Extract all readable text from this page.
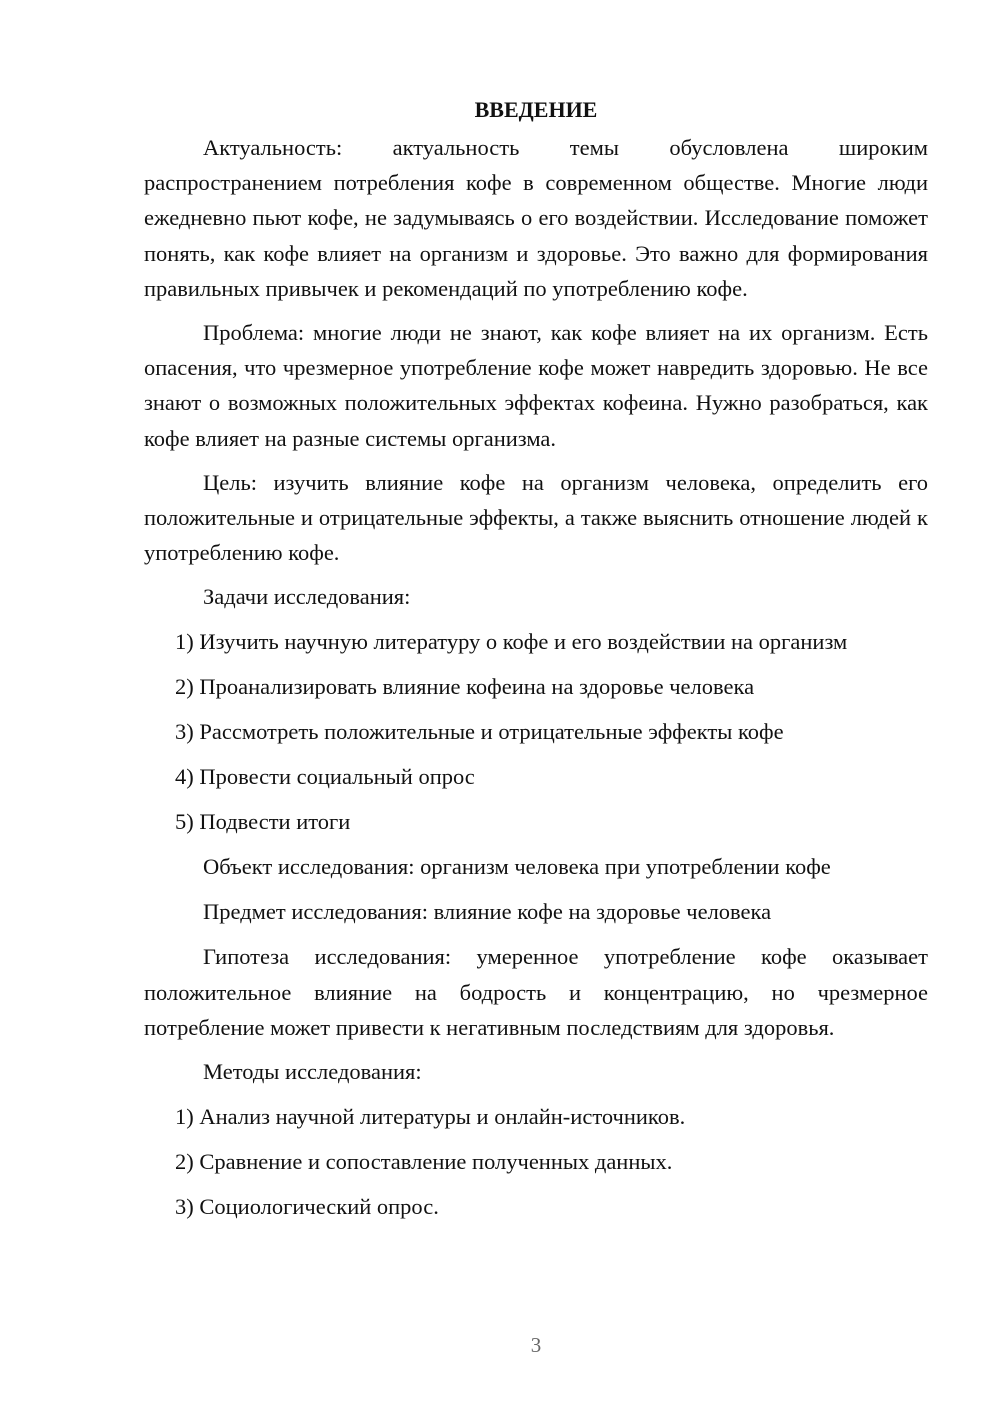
ВВЕДЕНИЕ

Актуальность: актуальность темы обусловлена широким распространением потребления кофе в современном обществе. Многие люди ежедневно пьют кофе, не задумываясь о его воздействии. Исследование поможет понять, как кофе влияет на организм и здоровье. Это важно для формирования правильных привычек и рекомендаций по употреблению кофе.

Проблема: многие люди не знают, как кофе влияет на их организм. Есть опасения, что чрезмерное употребление кофе может навредить здоровью. Не все знают о возможных положительных эффектах кофеина. Нужно разобраться, как кофе влияет на разные системы организма.

Цель: изучить влияние кофе на организм человека, определить его положительные и отрицательные эффекты, а также выяснить отношение людей к употреблению кофе.

Задачи исследования:
1) Изучить научную литературу о кофе и его воздействии на организм
2) Проанализировать влияние кофеина на здоровье человека
3) Рассмотреть положительные и отрицательные эффекты кофе
4) Провести социальный опрос
5) Подвести итоги
Объект исследования: организм человека при употреблении кофе
Предмет исследования: влияние кофе на здоровье человека

Гипотеза исследования: умеренное употребление кофе оказывает положительное влияние на бодрость и концентрацию, но чрезмерное потребление может привести к негативным последствиям для здоровья.

Методы исследования:
1) Анализ научной литературы и онлайн-источников.
2) Сравнение и сопоставление полученных данных.
3) Социологический опрос.
3
